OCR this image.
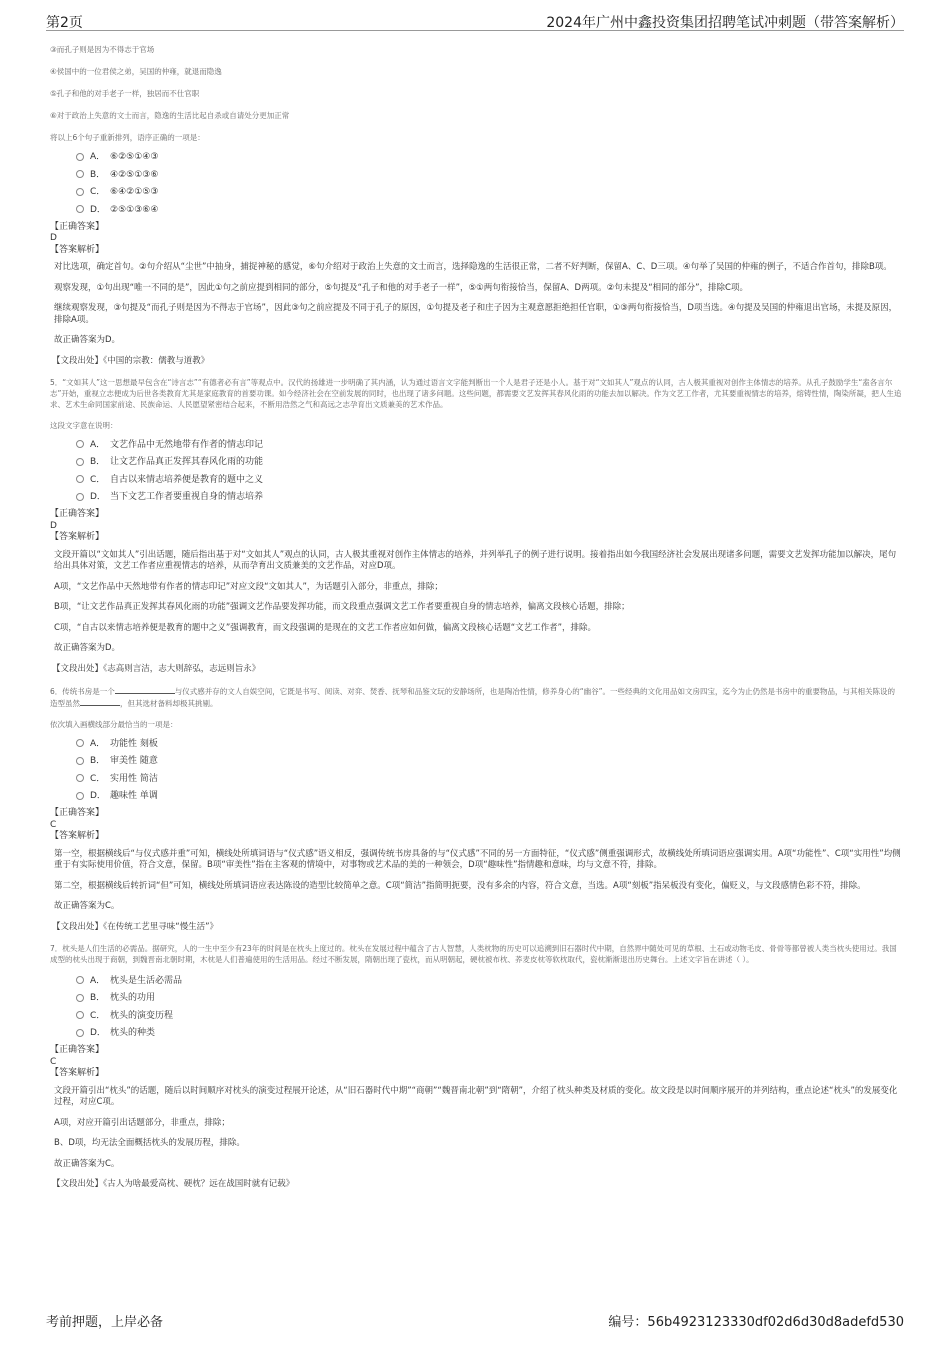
第2页	2024年广州中鑫投资集团招聘笔试冲刺题（带答案解析）
③而孔子则是因为不得志于官场
④侯国中的一位君侯之弟，吴国的仲雍，就退而隐逸
⑤孔子和他的对手老子一样，独居而不仕官职
⑥对于政治上失意的文士而言，隐逸的生活比起自杀或自请处分更加正常
将以上6个句子重新排列，语序正确的一项是：
A． ⑥②⑤①④③
B． ④②⑤①③⑥
C． ⑥④②①⑤③
D． ②⑤①③⑥④
【正确答案】
D
【答案解析】
对比选项，确定首句。②句介绍从“尘世”中抽身，捕捉神秘的感觉，⑥句介绍对于政治上失意的文士而言，选择隐逸的生活很正常，二者不好判断，保留A、C、D三项。④句举了吴国的仲雍的例子，不适合作首句，排除B项。
观察发现，①句出现“唯一不同的是”，因此①句之前应提到相同的部分，⑤句提及“孔子和他的对手老子一样”，⑤①两句衔接恰当，保留A、D两项。②句未提及“相同的部分”，排除C项。
继续观察发现，③句提及“而孔子则是因为不得志于官场”，因此③句之前应提及不同于孔子的原因，①句提及老子和庄子因为主观意愿拒绝担任官职，①③两句衔接恰当，D项当选。④句提及吴国的仲雍退出官场，未提及原因，排除A项。
故正确答案为D。
【文段出处】《中国的宗教：儒教与道教》
5．“文如其人”这一思想最早包含在“诗言志”“有德者必有言”等观点中。汉代的扬雄进一步明确了其内涵，认为通过语言文字能判断出一个人是君子还是小人。基于对“文如其人”观点的认同，古人极其重视对创作主体情志的培养。从孔子鼓励学生“盍各言尔志”开始，重视立志便成为后世各类教育尤其是家庭教育的首要功课。如今经济社会在空前发展的同时，也出现了诸多问题。这些问题，都需要文艺发挥其春风化雨的功能去加以解决。作为文艺工作者，尤其要重视情志的培养，熔铸性情，陶染所凝，把人生追求、艺术生命同国家前途、民族命运、人民愿望紧密结合起来，不断用浩然之气和高远之志孕育出文质兼美的艺术作品。
这段文字意在说明：
A． 文艺作品中无然地带有作者的情志印记
B． 让文艺作品真正发挥其春风化雨的功能
C． 自古以来情志培养便是教育的题中之义
D． 当下文艺工作者要重视自身的情志培养
【正确答案】
D
【答案解析】
文段开篇以“文如其人”引出话题，随后指出基于对“文如其人”观点的认同，古人极其重视对创作主体情志的培养，并列举孔子的例子进行说明。接着指出如今我国经济社会发展出现诸多问题，需要文艺发挥功能加以解决，尾句给出具体对策，文艺工作者应重视情志的培养，从而孕育出文质兼美的文艺作品，对应D项。
A项，“文艺作品中天然地带有作者的情志印记”对应文段“文如其人”，为话题引入部分，非重点，排除；
B项，“让文艺作品真正发挥其春风化雨的功能”强调文艺作品要发挥功能，而文段重点强调文艺工作者要重视自身的情志培养，偏离文段核心话题，排除；
C项，“自古以来情志培养便是教育的题中之义”强调教育，而文段强调的是现在的文艺工作者应如何做，偏离文段核心话题“文艺工作者”，排除。
故正确答案为D。
【文段出处】《志高则言洁，志大则辞弘，志远则旨永》
6．传统书房是一个	与仪式感并存的文人自娱空间，它既是书写、阅读、对弈、焚香、抚琴和品鉴文玩的安静场所，也是陶冶性情，修养身心的“幽谷”。一些经典的文化用品如文房四宝，迄今为止仍然是书房中的重要物品，与其相关陈设的造型虽然	，但其选材备料却极其挑剔。
依次填入画横线部分最恰当的一项是：
A． 功能性 刻板
B． 审美性 随意
C． 实用性 简洁
D． 趣味性 单调
【正确答案】
C
【答案解析】
第一空，根据横线后“与仪式感并重”可知，横线处所填词语与“仪式感”语义相反，强调传统书房具备的与“仪式感”不同的另一方面特征，“仪式感”侧重强调形式，故横线处所填词语应强调实用。A项“功能性”、C项“实用性”均侧重于有实际使用价值，符合文意，保留。B项“审美性”指在主客观的情境中，对事物或艺术品的美的一种领会，D项“趣味性”指情趣和意味，均与文意不符，排除。
第二空，根据横线后转折词“但”可知，横线处所填词语应表达陈设的造型比较简单之意。C项“简洁”指简明扼要，没有多余的内容，符合文意，当选。A项“刻板”指呆板没有变化，偏贬义，与文段感情色彩不符，排除。
故正确答案为C。
【文段出处】《在传统工艺里寻味“慢生活”》
7．枕头是人们生活的必需品。据研究，人的一生中至少有23年的时间是在枕头上度过的。枕头在发展过程中蕴含了古人智慧，人类枕物的历史可以追溯到旧石器时代中期，自然界中随处可见的草根、土石或动物毛皮、骨骨等都曾被人类当枕头使用过。我国成型的枕头出现于商朝，到魏晋南北朝时期，木枕是人们普遍使用的生活用品。经过不断发展，隋朝出现了瓷枕，而从明朝起，硬枕被布枕、荞麦皮枕等软枕取代，瓷枕渐渐退出历史舞台。上述文字旨在讲述（ ）。
A． 枕头是生活必需品
B． 枕头的功用
C． 枕头的演变历程
D． 枕头的种类
【正确答案】
C
【答案解析】
文段开篇引出“枕头”的话题，随后以时间顺序对枕头的演变过程展开论述，从“旧石器时代中期”“商朝”“魏晋南北朝”到“隋朝”，介绍了枕头种类及材质的变化。故文段是以时间顺序展开的并列结构，重点论述“枕头”的发展变化过程，对应C项。
A项，对应开篇引出话题部分，非重点，排除；
B、D项，均无法全面概括枕头的发展历程，排除。
故正确答案为C。
【文段出处】《古人为啥最爱高枕、硬枕？远在战国时就有记载》
考前押题，上岸必备	编号：56b4923123330df02d6d30d8adefd530
